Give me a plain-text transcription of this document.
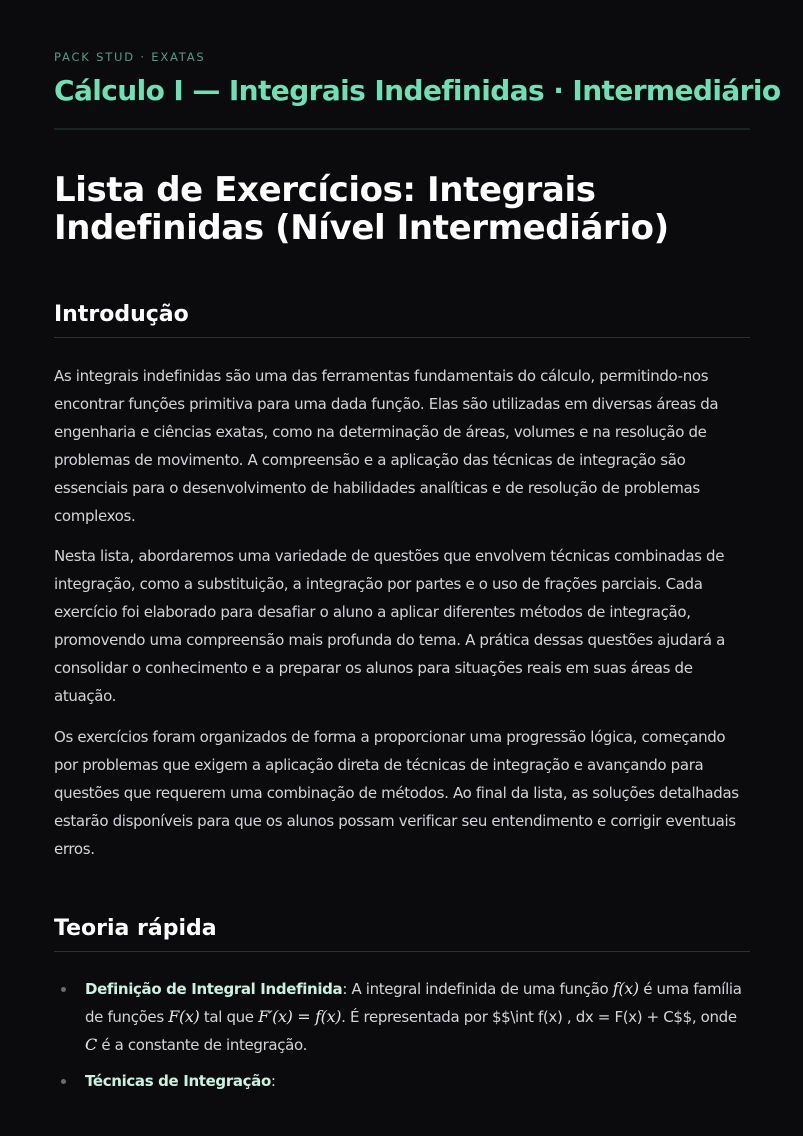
PACK STUD · EXATAS
Cálculo I — Integrais Indefinidas · Intermediário
Lista de Exercícios: Integrais Indefinidas (Nível Intermediário)
Introdução

As integrais indefinidas são uma das ferramentas fundamentais do cálculo, permitindo-nos encontrar funções primitiva para uma dada função. Elas são utilizadas em diversas áreas da engenharia e ciências exatas, como na determinação de áreas, volumes e na resolução de problemas de movimento. A compreensão e a aplicação das técnicas de integração são essenciais para o desenvolvimento de habilidades analíticas e de resolução de problemas complexos.

Nesta lista, abordaremos uma variedade de questões que envolvem técnicas combinadas de integração, como a substituição, a integração por partes e o uso de frações parciais. Cada exercício foi elaborado para desafiar o aluno a aplicar diferentes métodos de integração, promovendo uma compreensão mais profunda do tema. A prática dessas questões ajudará a consolidar o conhecimento e a preparar os alunos para situações reais em suas áreas de atuação.

Os exercícios foram organizados de forma a proporcionar uma progressão lógica, começando por problemas que exigem a aplicação direta de técnicas de integração e avançando para questões que requerem uma combinação de métodos. Ao final da lista, as soluções detalhadas estarão disponíveis para que os alunos possam verificar seu entendimento e corrigir eventuais erros.

Teoria rápida
Definição de Integral Indefinida: A integral indefinida de uma função f(x) é uma família de funções F(x) tal que F′(x) = f(x). É representada por $$\int f(x) , dx = F(x) + C$$, onde C é a constante de integração.
Técnicas de Integração:
